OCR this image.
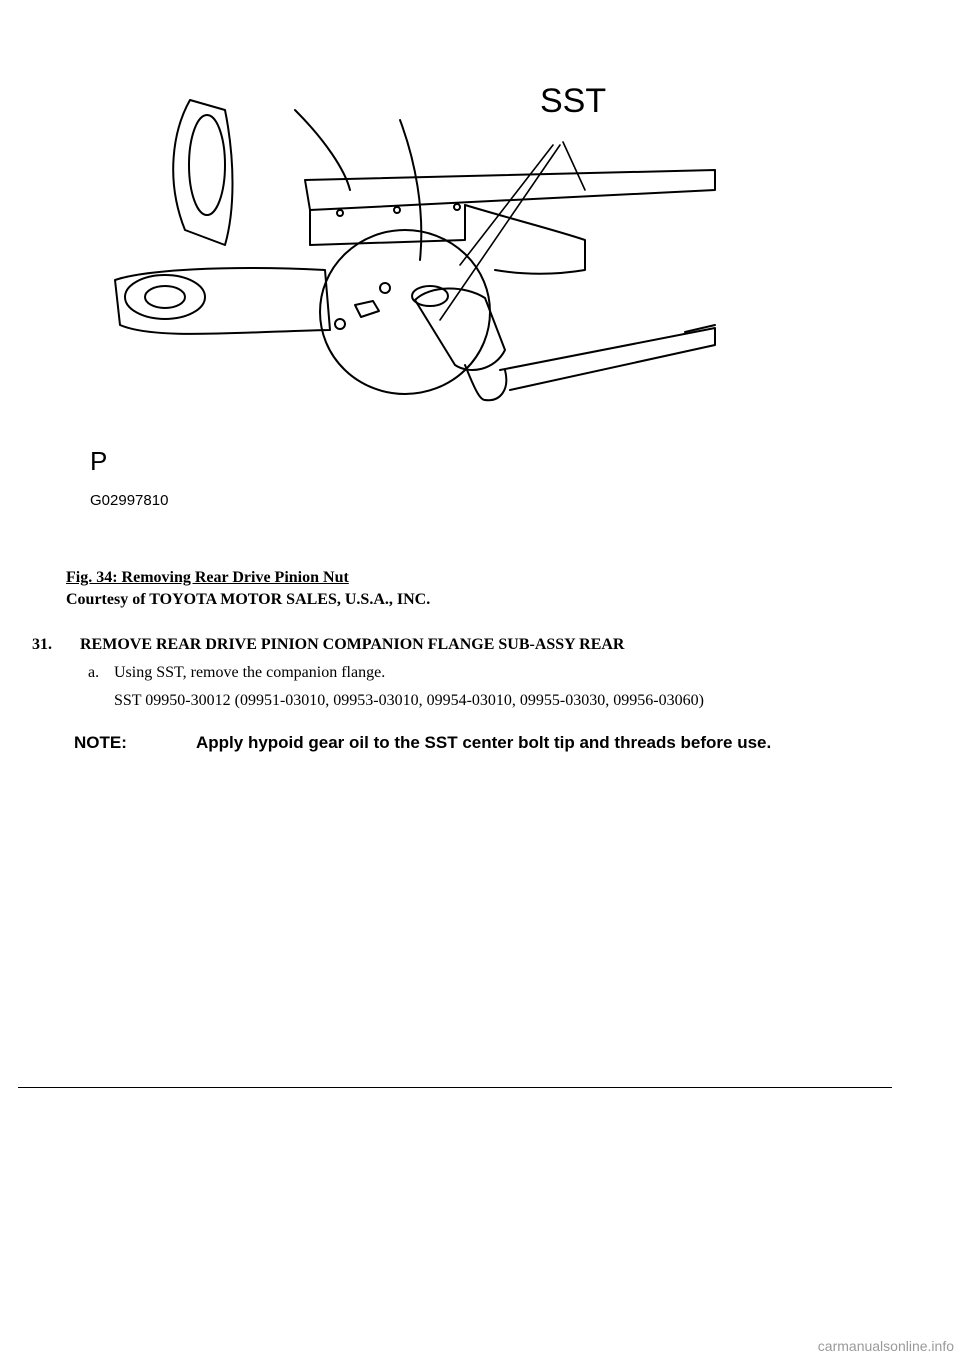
SST
P
G02997810
Fig. 34: Removing Rear Drive Pinion Nut
Courtesy of TOYOTA MOTOR SALES, U.S.A., INC.
31. REMOVE REAR DRIVE PINION COMPANION FLANGE SUB-ASSY REAR
a. Using SST, remove the companion flange.
SST 09950-30012 (09951-03010, 09953-03010, 09954-03010, 09955-03030, 09956-03060)
NOTE:	Apply hypoid gear oil to the SST center bolt tip and threads before use.
carmanualsonline.info
